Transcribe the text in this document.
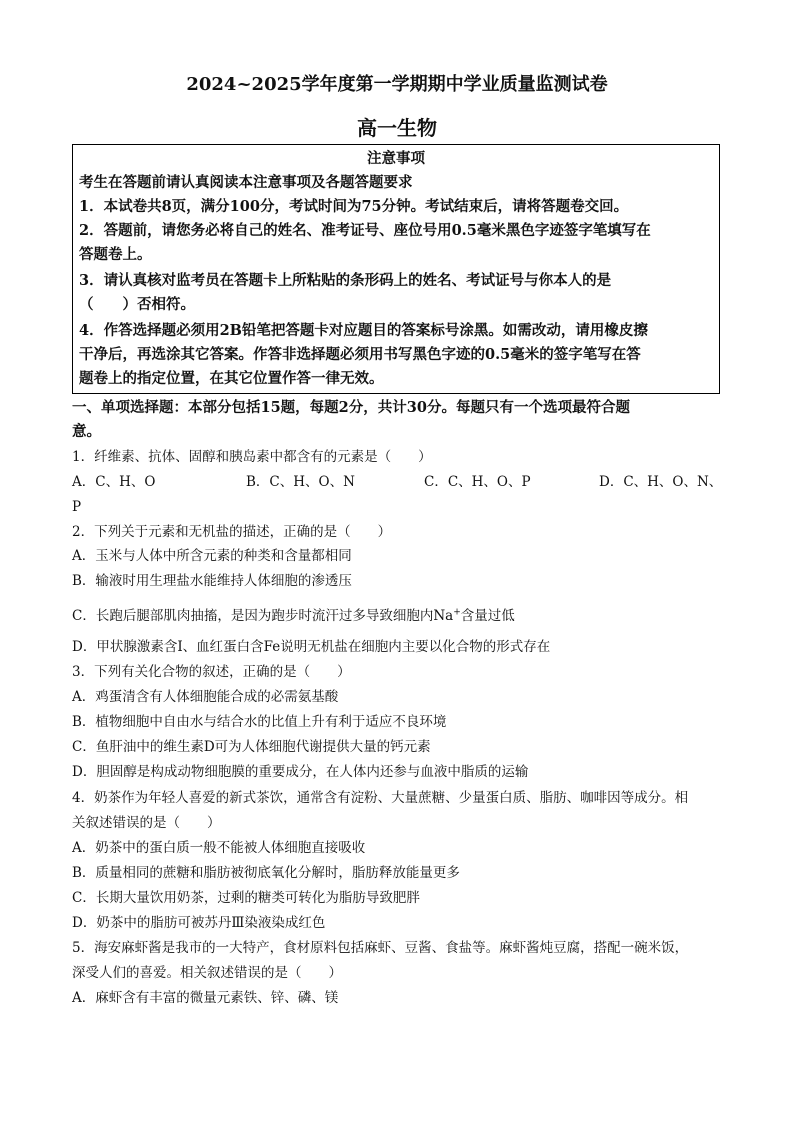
2024~2025学年度第一学期期中学业质量监测试卷
高一生物
注意事项
考生在答题前请认真阅读本注意事项及各题答题要求
1．本试卷共8页，满分100分，考试时间为75分钟。考试结束后，请将答题卷交回。
2．答题前，请您务必将自己的姓名、准考证号、座位号用0.5毫米黑色字迹签字笔填写在
答题卷上。
3．请认真核对监考员在答题卡上所粘贴的条形码上的姓名、考试证号与你本人的是
（　　）否相符。
4．作答选择题必须用2B铅笔把答题卡对应题目的答案标号涂黑。如需改动，请用橡皮擦
干净后，再选涂其它答案。作答非选择题必须用书写黑色字迹的0.5毫米的签字笔写在答
题卷上的指定位置，在其它位置作答一律无效。
一、单项选择题：本部分包括15题，每题2分，共计30分。每题只有一个选项最符合题
意。
1．纤维素、抗体、固醇和胰岛素中都含有的元素是（　　）
A．C、H、O	B．C、H、O、N	C．C、H、O、P	D．C、H、O、N、
P
2．下列关于元素和无机盐的描述，正确的是（　　）
A．玉米与人体中所含元素的种类和含量都相同
B．输液时用生理盐水能维持人体细胞的渗透压
C．长跑后腿部肌肉抽搐，是因为跑步时流汗过多导致细胞内Na+含量过低
D．甲状腺激素含I、血红蛋白含Fe说明无机盐在细胞内主要以化合物的形式存在
3．下列有关化合物的叙述，正确的是（　　）
A．鸡蛋清含有人体细胞能合成的必需氨基酸
B．植物细胞中自由水与结合水的比值上升有利于适应不良环境
C．鱼肝油中的维生素D可为人体细胞代谢提供大量的钙元素
D．胆固醇是构成动物细胞膜的重要成分，在人体内还参与血液中脂质的运输
4．奶茶作为年轻人喜爱的新式茶饮，通常含有淀粉、大量蔗糖、少量蛋白质、脂肪、咖啡因等成分。相
关叙述错误的是（　　）
A．奶茶中的蛋白质一般不能被人体细胞直接吸收
B．质量相同的蔗糖和脂肪被彻底氧化分解时，脂肪释放能量更多
C．长期大量饮用奶茶，过剩的糖类可转化为脂肪导致肥胖
D．奶茶中的脂肪可被苏丹Ⅲ染液染成红色
5．海安麻虾酱是我市的一大特产，食材原料包括麻虾、豆酱、食盐等。麻虾酱炖豆腐，搭配一碗米饭，
深受人们的喜爱。相关叙述错误的是（　　）
A．麻虾含有丰富的微量元素铁、锌、磷、镁
